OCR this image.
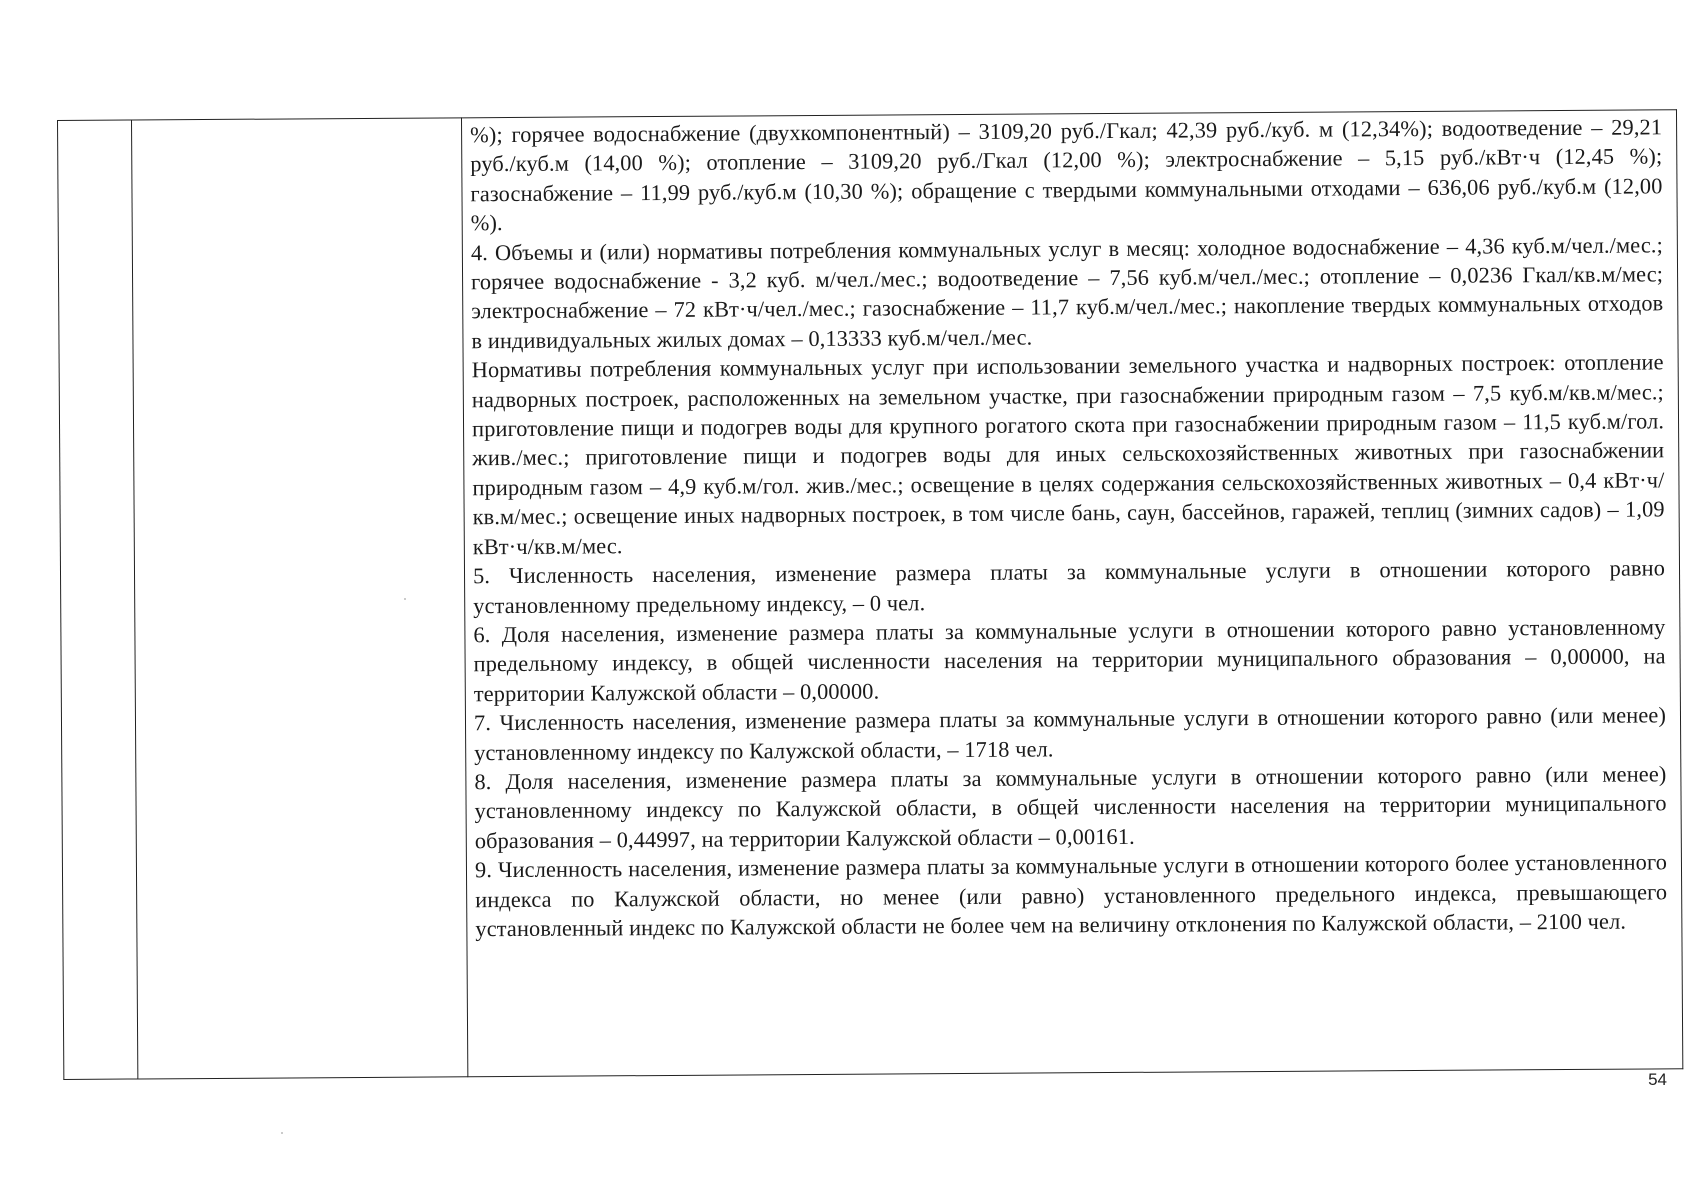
%); горячее водоснабжение (двухкомпонентный) – 3109,20 руб./Гкал; 42,39 руб./куб. м (12,34%); водоотведение – 29,21 руб./куб.м (14,00 %); отопление – 3109,20 руб./Гкал (12,00 %); электроснабжение – 5,15 руб./кВт·ч (12,45 %); газоснабжение – 11,99 руб./куб.м (10,30 %); обращение с твердыми коммунальными отходами – 636,06 руб./куб.м (12,00 %).

4. Объемы и (или) нормативы потребления коммунальных услуг в месяц: холодное водоснабжение – 4,36 куб.м/чел./мес.; горячее водоснабжение - 3,2 куб. м/чел./мес.; водоотведение – 7,56 куб.м/чел./мес.; отопление – 0,0236 Гкал/кв.м/мес; электроснабжение – 72 кВт·ч/чел./мес.; газоснабжение – 11,7 куб.м/чел./мес.; накопление твердых коммунальных отходов в индивидуальных жилых домах – 0,13333 куб.м/чел./мес.

Нормативы потребления коммунальных услуг при использовании земельного участка и надворных построек: отопление надворных построек, расположенных на земельном участке, при газоснабжении природным газом – 7,5 куб.м/кв.м/мес.; приготовление пищи и подогрев воды для крупного рогатого скота при газоснабжении природным газом – 11,5 куб.м/гол. жив./мес.; приготовление пищи и подогрев воды для иных сельскохозяйственных животных при газоснабжении природным газом – 4,9 куб.м/гол. жив./мес.; освещение в целях содержания сельскохозяйственных животных – 0,4 кВт·ч/кв.м/мес.; освещение иных надворных построек, в том числе бань, саун, бассейнов, гаражей, теплиц (зимних садов) – 1,09 кВт·ч/кв.м/мес.

5. Численность населения, изменение размера платы за коммунальные услуги в отношении которого равно установленному предельному индексу, – 0 чел.

6. Доля населения, изменение размера платы за коммунальные услуги в отношении которого равно установленному предельному индексу, в общей численности населения на территории муниципального образования – 0,00000, на территории Калужской области – 0,00000.

7. Численность населения, изменение размера платы за коммунальные услуги в отношении которого равно (или менее) установленному индексу по Калужской области, – 1718 чел.

8. Доля населения, изменение размера платы за коммунальные услуги в отношении которого равно (или менее) установленному индексу по Калужской области, в общей численности населения на территории муниципального образования – 0,44997, на территории Калужской области – 0,00161.

9. Численность населения, изменение размера платы за коммунальные услуги в отношении которого более установленного индекса по Калужской области, но менее (или равно) установленного предельного индекса, превышающего установленный индекс по Калужской области не более чем на величину отклонения по Калужской области, – 2100 чел.

54
